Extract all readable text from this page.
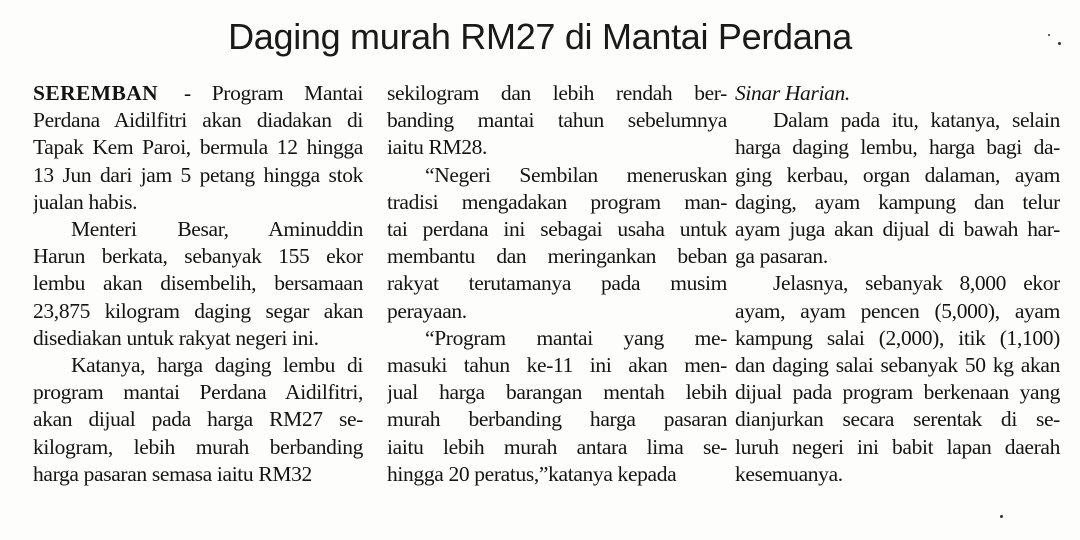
Daging murah RM27 di Mantai Perdana
SEREMBAN
- Program Mantai
Perdana Aidilfitri akan diadakan di
Tapak Kem Paroi, bermula 12 hingga
13 Jun dari jam 5 petang hingga stok
jualan habis.
Menteri Besar, Aminuddin
Harun berkata, sebanyak 155 ekor
lembu akan disembelih, bersamaan
23,875 kilogram daging segar akan
disediakan untuk rakyat negeri ini.
Katanya, harga daging lembu di
program mantai Perdana Aidilfitri,
akan dijual pada harga RM27 se-
kilogram, lebih murah berbanding
harga pasaran semasa iaitu RM32
sekilogram dan lebih rendah ber-
banding mantai tahun sebelumnya
iaitu RM28.
“Negeri Sembilan meneruskan
tradisi mengadakan program man-
tai perdana ini sebagai usaha untuk
membantu dan meringankan beban
rakyat terutamanya pada musim
perayaan.
“Program mantai yang me-
masuki tahun ke-11 ini akan men-
jual harga barangan mentah lebih
murah berbanding harga pasaran
iaitu lebih murah antara lima se-
hingga 20 peratus,”katanya kepada
Sinar Harian.
Dalam pada itu, katanya, selain
harga daging lembu, harga bagi da-
ging kerbau, organ dalaman, ayam
daging, ayam kampung dan telur
ayam juga akan dijual di bawah har-
ga pasaran.
Jelasnya, sebanyak 8,000 ekor
ayam, ayam pencen (5,000), ayam
kampung salai (2,000), itik (1,100)
dan daging salai sebanyak 50 kg akan
dijual pada program berkenaan yang
dianjurkan secara serentak di se-
luruh negeri ini babit lapan daerah
kesemuanya.
